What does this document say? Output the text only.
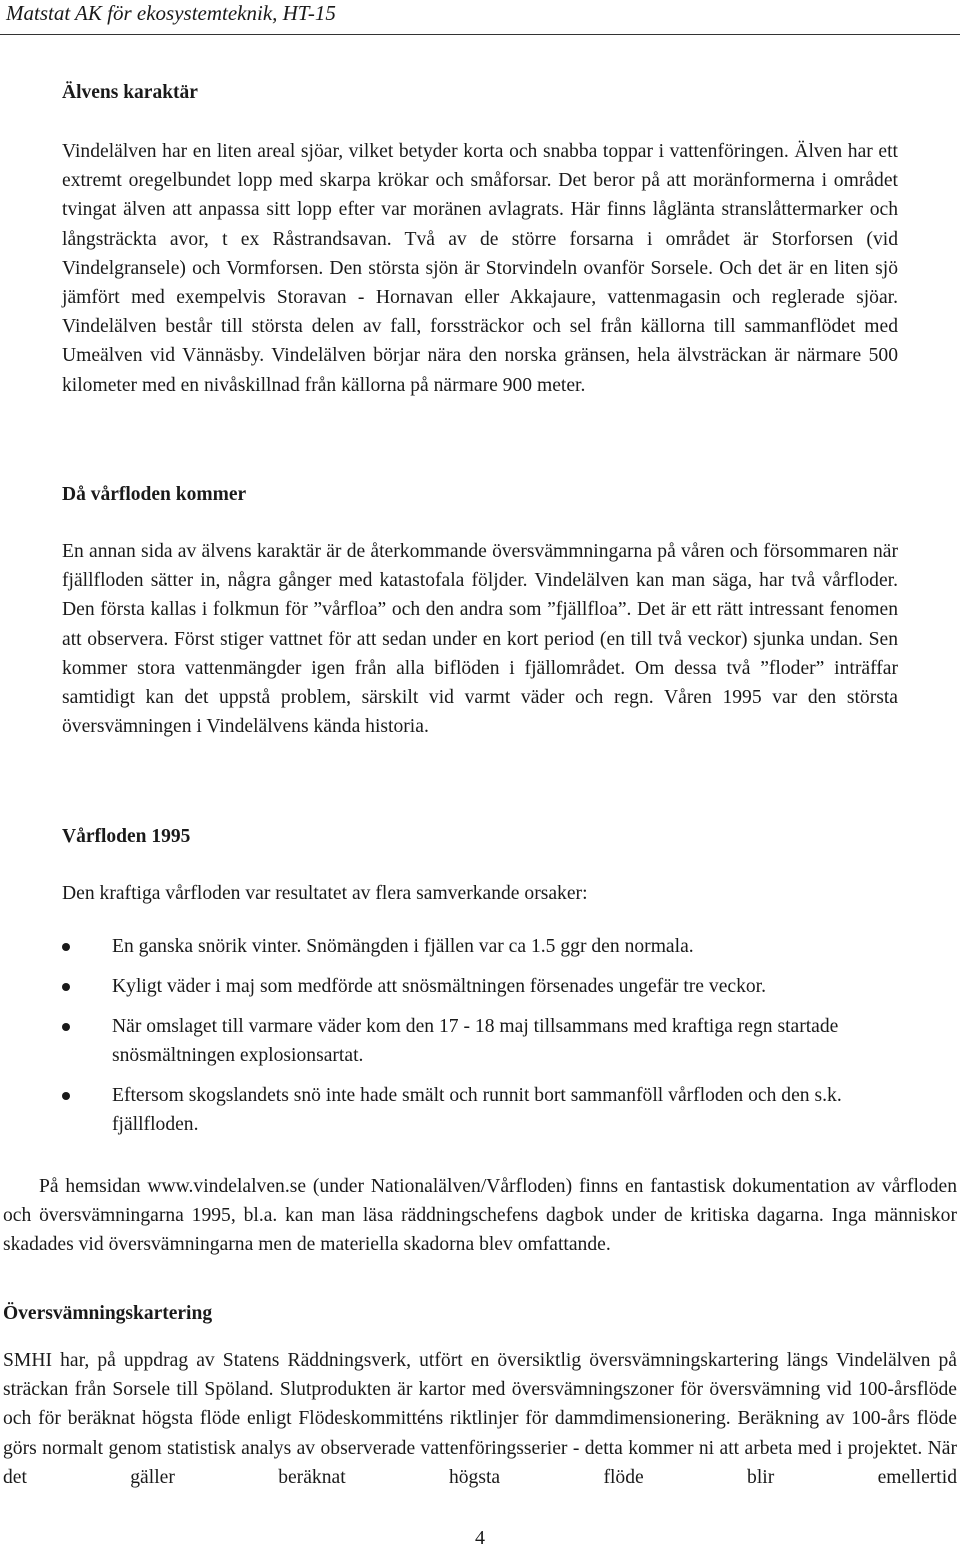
Matstat AK för ekosystemteknik, HT-15
Älvens karaktär
Vindelälven har en liten areal sjöar, vilket betyder korta och snabba toppar i vattenföringen. Älven har ett extremt oregelbundet lopp med skarpa krökar och småforsar. Det beror på att moränformerna i området tvingat älven att anpassa sitt lopp efter var moränen avlagrats. Här finns låglänta stranslåttermarker och långsträckta avor, t ex Råstrandsavan. Två av de större forsarna i området är Storforsen (vid Vindelgransele) och Vormforsen. Den största sjön är Storvindeln ovanför Sorsele. Och det är en liten sjö jämfört med exempelvis Storavan - Hornavan eller Akkajaure, vattenmagasin och reglerade sjöar. Vindelälven består till största delen av fall, forssträckor och sel från källorna till sammanflödet med Umeälven vid Vännäsby. Vindelälven börjar nära den norska gränsen, hela älvsträckan är närmare 500 kilometer med en nivåskillnad från källorna på närmare 900 meter.
Då vårfloden kommer
En annan sida av älvens karaktär är de återkommande översvämmningarna på våren och försommaren när fjällfloden sätter in, några gånger med katastofala följder. Vindelälven kan man säga, har två vårfloder. Den första kallas i folkmun för ”vårfloa” och den andra som ”fjällfloa”. Det är ett rätt intressant fenomen att observera. Först stiger vattnet för att sedan under en kort period (en till två veckor) sjunka undan. Sen kommer stora vattenmängder igen från alla biflöden i fjällområdet. Om dessa två ”floder” inträffar samtidigt kan det uppstå problem, särskilt vid varmt väder och regn. Våren 1995 var den största översvämningen i Vindelälvens kända historia.
Vårfloden 1995
Den kraftiga vårfloden var resultatet av flera samverkande orsaker:
En ganska snörik vinter. Snömängden i fjällen var ca 1.5 ggr den normala.
Kyligt väder i maj som medförde att snösmältningen försenades ungefär tre veckor.
När omslaget till varmare väder kom den 17 - 18 maj tillsammans med kraftiga regn startade snösmältningen explosionsartat.
Eftersom skogslandets snö inte hade smält och runnit bort sammanföll vårfloden och den s.k. fjällfloden.
På hemsidan www.vindelalven.se (under Nationalälven/Vårfloden) finns en fantastisk dokumentation av vårfloden och översvämningarna 1995, bl.a. kan man läsa räddningschefens dagbok under de kritiska dagarna. Inga människor skadades vid översvämningarna men de materiella skadorna blev omfattande.
Översvämningskartering
SMHI har, på uppdrag av Statens Räddningsverk, utfört en översiktlig översvämningskartering längs Vindelälven på sträckan från Sorsele till Spöland. Slutprodukten är kartor med översvämningszoner för översvämning vid 100-årsflöde och för beräknat högsta flöde enligt Flödeskommitténs riktlinjer för dammdimensionering. Beräkning av 100-års flöde görs normalt genom statistisk analys av observerade vattenföringsserier - detta kommer ni att arbeta med i projektet. När det gäller beräknat högsta flöde blir emellertid
4
